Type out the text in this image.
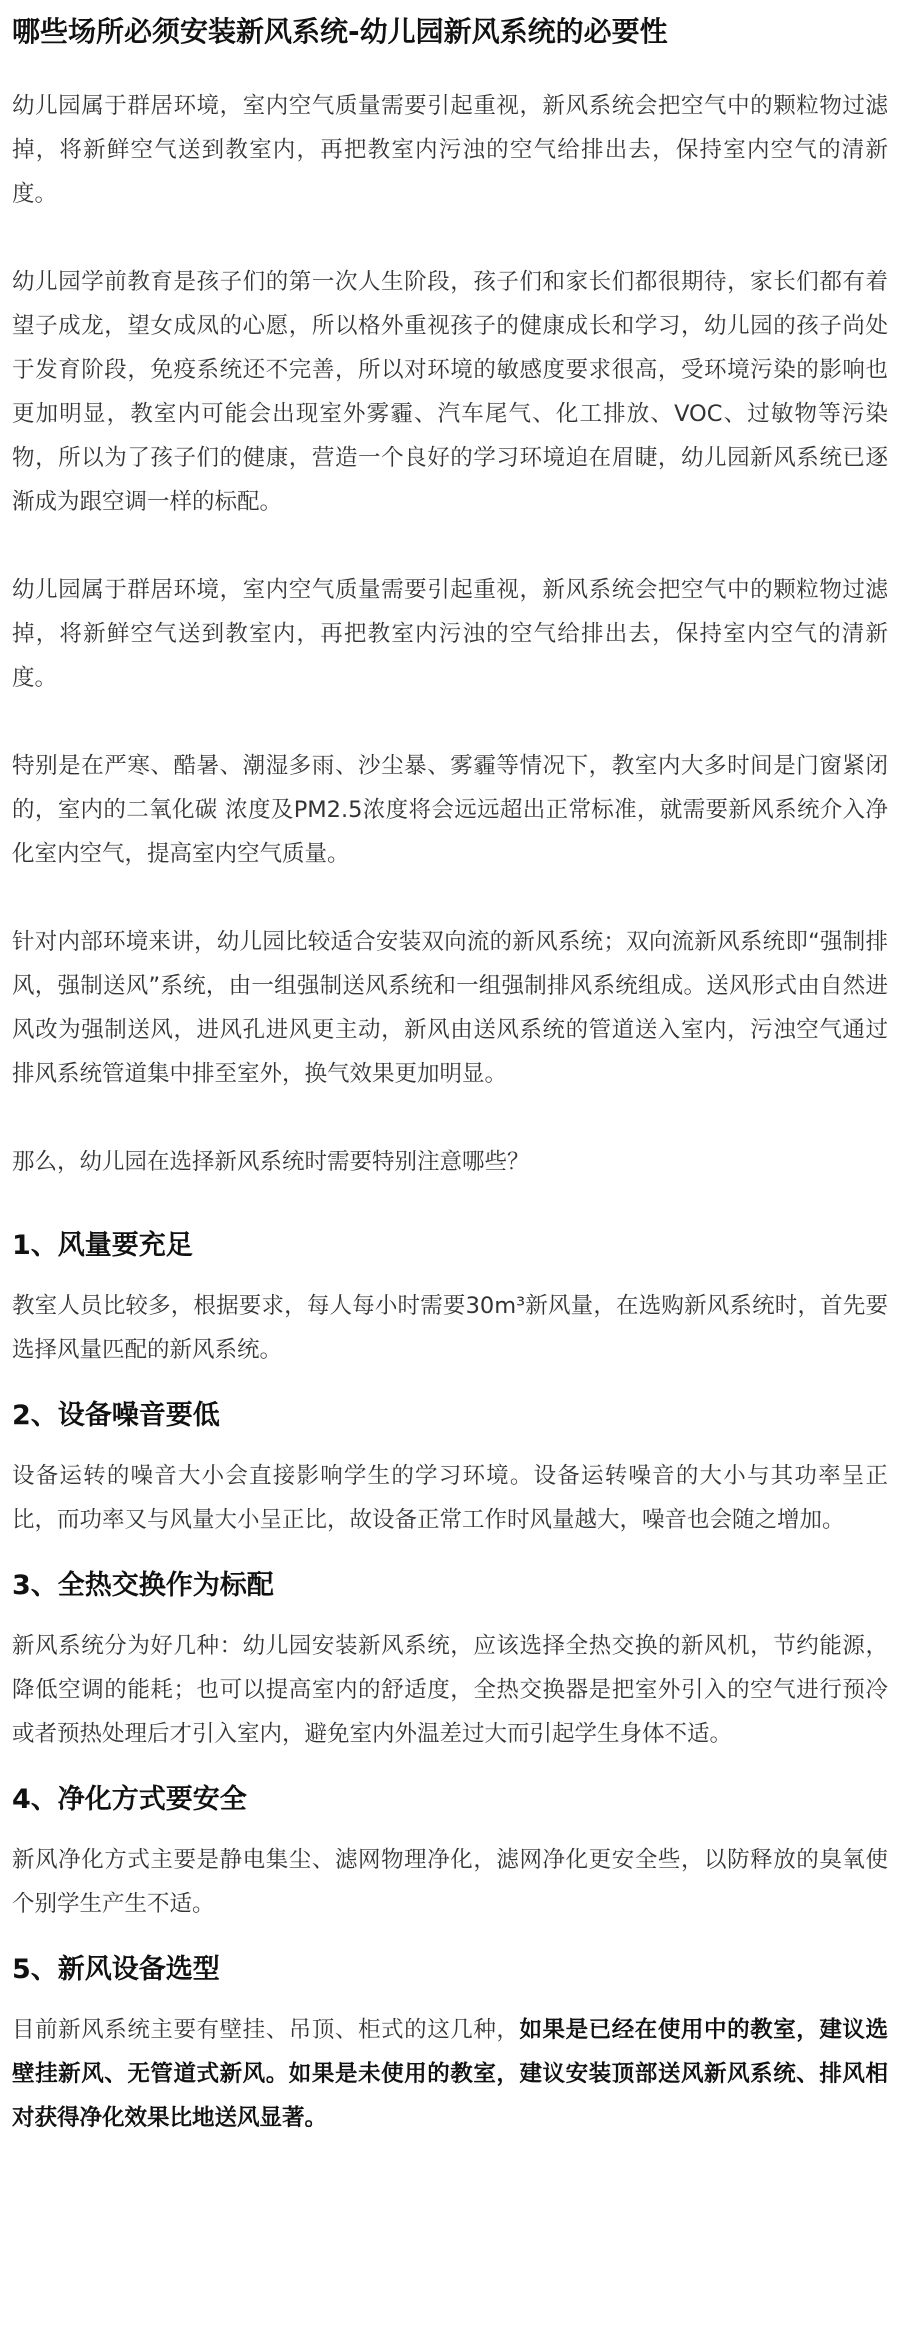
哪些场所必须安装新风系统-幼儿园新风系统的必要性

幼儿园属于群居环境，室内空气质量需要引起重视，新风系统会把空气中的颗粒物过滤掉，将新鲜空气送到教室内，再把教室内污浊的空气给排出去，保持室内空气的清新度。

幼儿园学前教育是孩子们的第一次人生阶段，孩子们和家长们都很期待，家长们都有着望子成龙，望女成凤的心愿，所以格外重视孩子的健康成长和学习，幼儿园的孩子尚处于发育阶段，免疫系统还不完善，所以对环境的敏感度要求很高，受环境污染的影响也更加明显，教室内可能会出现室外雾霾、汽车尾气、化工排放、VOC、过敏物等污染物，所以为了孩子们的健康，营造一个良好的学习环境迫在眉睫，幼儿园新风系统已逐渐成为跟空调一样的标配。

幼儿园属于群居环境，室内空气质量需要引起重视，新风系统会把空气中的颗粒物过滤掉，将新鲜空气送到教室内，再把教室内污浊的空气给排出去，保持室内空气的清新度。

特别是在严寒、酷暑、潮湿多雨、沙尘暴、雾霾等情况下，教室内大多时间是门窗紧闭的，室内的二氧化碳 浓度及PM2.5浓度将会远远超出正常标准，就需要新风系统介入净化室内空气，提高室内空气质量。

针对内部环境来讲，幼儿园比较适合安装双向流的新风系统；双向流新风系统即“强制排风，强制送风”系统，由一组强制送风系统和一组强制排风系统组成。送风形式由自然进风改为强制送风，进风孔进风更主动，新风由送风系统的管道送入室内，污浊空气通过排风系统管道集中排至室外，换气效果更加明显。

那么，幼儿园在选择新风系统时需要特别注意哪些？

1、风量要充足

教室人员比较多，根据要求，每人每小时需要30m³新风量，在选购新风系统时，首先要选择风量匹配的新风系统。

2、设备噪音要低

设备运转的噪音大小会直接影响学生的学习环境。设备运转噪音的大小与其功率呈正比，而功率又与风量大小呈正比，故设备正常工作时风量越大，噪音也会随之增加。

3、全热交换作为标配

新风系统分为好几种：幼儿园安装新风系统，应该选择全热交换的新风机，节约能源，降低空调的能耗；也可以提高室内的舒适度，全热交换器是把室外引入的空气进行预冷或者预热处理后才引入室内，避免室内外温差过大而引起学生身体不适。

4、净化方式要安全

新风净化方式主要是静电集尘、滤网物理净化，滤网净化更安全些，以防释放的臭氧使个别学生产生不适。

5、新风设备选型

目前新风系统主要有壁挂、吊顶、柜式的这几种，如果是已经在使用中的教室，建议选壁挂新风、无管道式新风。如果是未使用的教室，建议安装顶部送风新风系统、排风相对获得净化效果比地送风显著。
